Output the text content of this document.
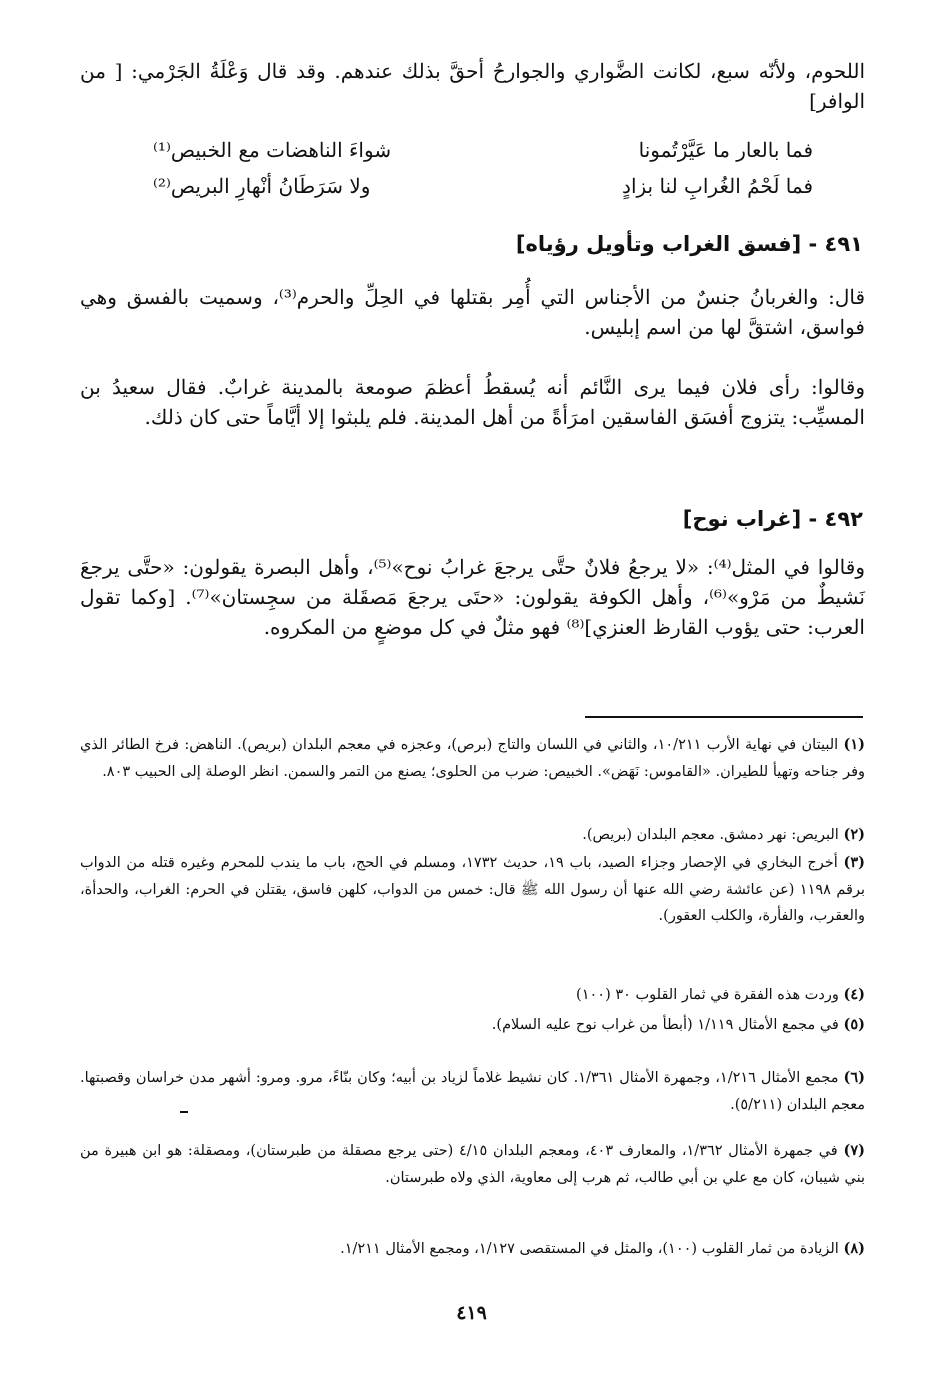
اللحوم، ولأنّه سبع، لكانت الضَّواري والجوارحُ أحقَّ بذلك عندهم. وقد قال وَعْلَةُ الجَرْمي: [ من الوافر]

فما بالعار ما عَيَّرْتُمونا
شواءَ الناهضات مع الخبيص⁽¹⁾
فما لَحْمُ الغُرابِ لنا بزادٍ
ولا سَرَطَانُ أنْهارِ البريص⁽²⁾
٤٩١ - [فسق الغراب وتأويل رؤياه]

قال: والغربانُ جنسٌ من الأجناس التي أُمِر بقتلها في الحِلِّ والحرم⁽³⁾، وسميت بالفسق وهي فواسق، اشتقَّ لها من اسم إبليس.

وقالوا: رأى فلان فيما يرى النَّائم أنه يُسقطُ أعظمَ صومعة بالمدينة غرابٌ. فقال سعيدُ بن المسيِّب: يتزوج أفسَق الفاسقين امرَأةً من أهل المدينة. فلم يلبثوا إلا أيَّاماً حتى كان ذلك.

٤٩٢ - [غراب نوح]

وقالوا في المثل⁽⁴⁾: «لا يرجعُ فلانٌ حتَّى يرجعَ غرابُ نوح»⁽⁵⁾، وأهل البصرة يقولون: «حتَّى يرجعَ نَشيطٌ من مَرْو»⁽⁶⁾، وأهل الكوفة يقولون: «حتَى يرجعَ مَصقَلة من سجِستان»⁽⁷⁾. [وكما تقول العرب: حتى يؤوب القارظ العنزي]⁽⁸⁾ فهو مثلٌ في كل موضعٍ من المكروه.

(١) البيتان في نهاية الأرب ١٠/٢١١، والثاني في اللسان والتاج (برص)، وعجزه في معجم البلدان (بريص). الناهض: فرخ الطائر الذي وفر جناحه وتهيأ للطيران. «القاموس: نَهَض». الخبيص: ضرب من الحلوى؛ يصنع من التمر والسمن. انظر الوصلة إلى الحبيب ٨٠٣.

(٢) البريص: نهر دمشق. معجم البلدان (بريص).

(٣) أخرج البخاري في الإحصار وجزاء الصيد، باب ١٩، حديث ١٧٣٢، ومسلم في الحج، باب ما يندب للمحرم وغيره قتله من الدواب برقم ١١٩٨ (عن عائشة رضي الله عنها أن رسول الله ﷺ قال: خمس من الدواب، كلهن فاسق، يقتلن في الحرم: الغراب، والحدأة، والعقرب، والفأرة، والكلب العقور).

(٤) وردت هذه الفقرة في ثمار القلوب ٣٠ (١٠٠)

(٥) في مجمع الأمثال ١/١١٩ (أبطأ من غراب نوح عليه السلام).

(٦) مجمع الأمثال ١/٢١٦، وجمهرة الأمثال ١/٣٦١. كان نشيط غلاماً لزياد بن أبيه؛ وكان بنّاءً، مرو. ومرو: أشهر مدن خراسان وقصبتها. معجم البلدان (٥/٢١١).

(٧) في جمهرة الأمثال ١/٣٦٢، والمعارف ٤٠٣، ومعجم البلدان ٤/١٥ (حتى يرجع مصقلة من طبرستان)، ومصقلة: هو ابن هبيرة من بني شيبان، كان مع علي بن أبي طالب، ثم هرب إلى معاوية، الذي ولاه طبرستان.

(٨) الزيادة من ثمار القلوب (١٠٠)، والمثل في المستقصى ١/١٢٧، ومجمع الأمثال ١/٢١١.

٤١٩
